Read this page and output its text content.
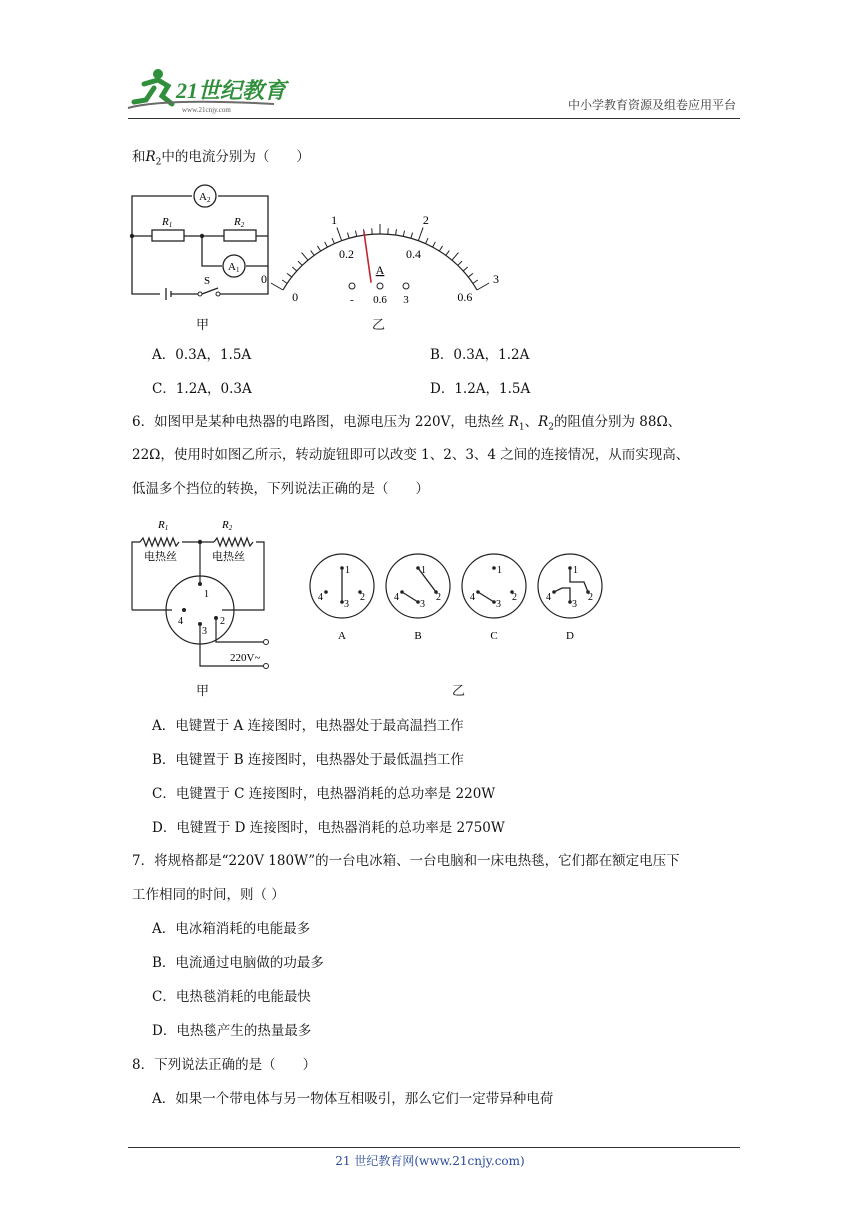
21世纪教育
www.21cnjy.com	中小学教育资源及组卷应用平台
和$R_2$中的电流分别为（　　）
A2
A1
R1	R2
S
甲
0
1	2
3
0
0.2	0.4
0.6
A
- 0.6 3
乙
A．0.3A，1.5A	B．0.3A，1.2A
C．1.2A，0.3A	D．1.2A，1.5A
6．如图甲是某种电热器的电路图，电源电压为 220V，电热丝 $R_1$、$R_2$的阻值分别为 88Ω、
22Ω，使用时如图乙所示，转动旋钮即可以改变 1、2、3、4 之间的连接情况，从而实现高、
低温多个挡位的转换，下列说法正确的是（　　）
R1	R2
电热丝	电热丝
1
2
3
4
220V~
甲
1
2
3
4
A
1
2
3
4
B
1
2
3
4
C
1
2
3
4
D
乙
A．电键置于 A 连接图时，电热器处于最高温挡工作
B．电键置于 B 连接图时，电热器处于最低温挡工作
C．电键置于 C 连接图时，电热器消耗的总功率是 220W
D．电键置于 D 连接图时，电热器消耗的总功率是 2750W
7．将规格都是“220V 180W”的一台电冰箱、一台电脑和一床电热毯，它们都在额定电压下
工作相同的时间，则（ ）
A．电冰箱消耗的电能最多
B．电流通过电脑做的功最多
C．电热毯消耗的电能最快
D．电热毯产生的热量最多
8．下列说法正确的是（　　）
A．如果一个带电体与另一物体互相吸引，那么它们一定带异种电荷
21 世纪教育网(www.21cnjy.com)
